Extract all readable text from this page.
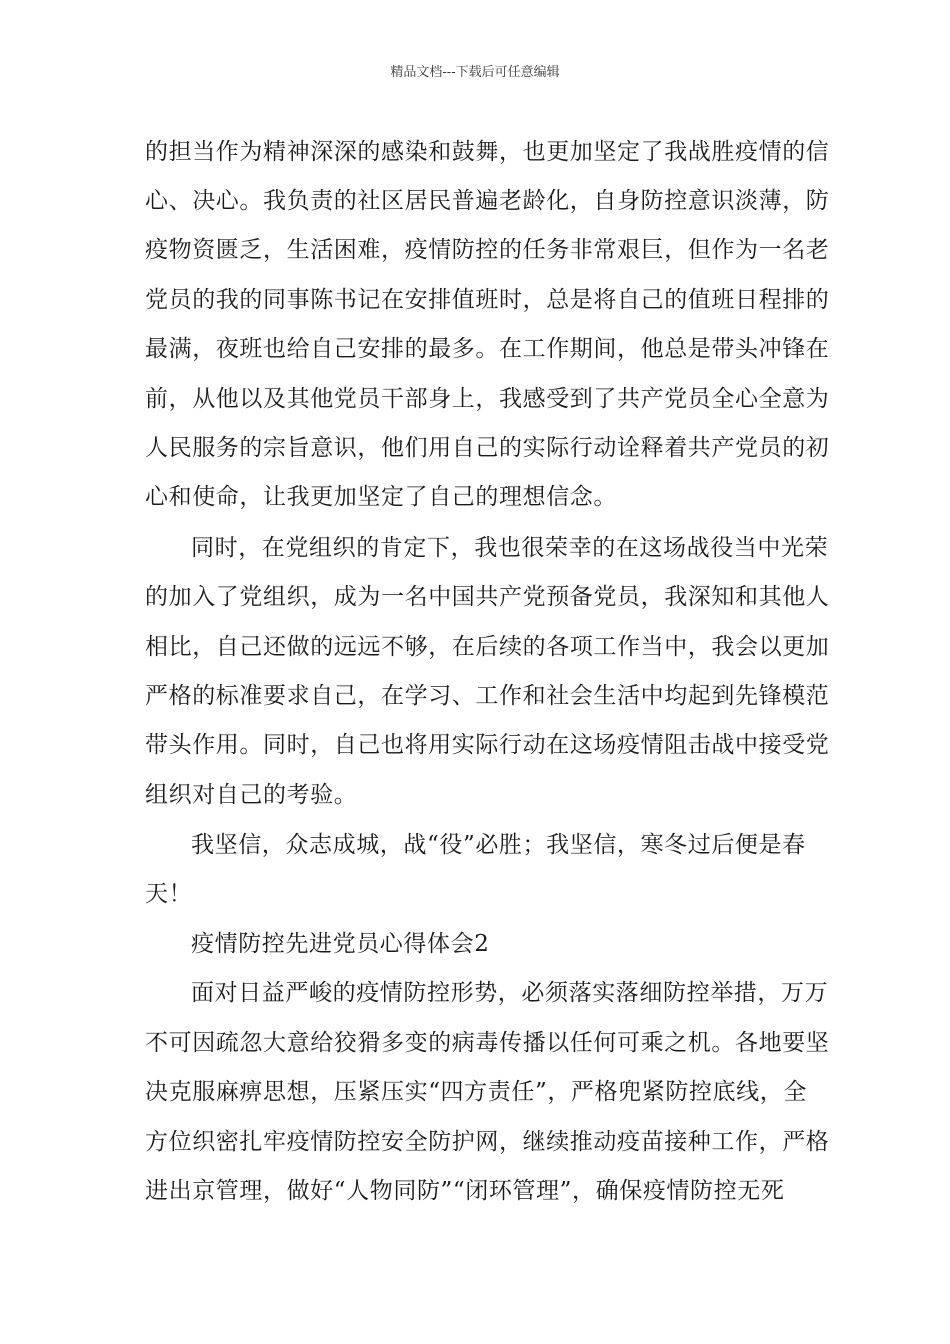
精品文档---下载后可任意编辑
的担当作为精神深深的感染和鼓舞，也更加坚定了我战胜疫情的信
心、决心。我负责的社区居民普遍老龄化，自身防控意识淡薄，防
疫物资匮乏，生活困难，疫情防控的任务非常艰巨，但作为一名老
党员的我的同事陈书记在安排值班时，总是将自己的值班日程排的
最满，夜班也给自己安排的最多。在工作期间，他总是带头冲锋在
前，从他以及其他党员干部身上，我感受到了共产党员全心全意为
人民服务的宗旨意识，他们用自己的实际行动诠释着共产党员的初
心和使命，让我更加坚定了自己的理想信念。
同时，在党组织的肯定下，我也很荣幸的在这场战役当中光荣
的加入了党组织，成为一名中国共产党预备党员，我深知和其他人
相比，自己还做的远远不够，在后续的各项工作当中，我会以更加
严格的标准要求自己，在学习、工作和社会生活中均起到先锋模范
带头作用。同时，自己也将用实际行动在这场疫情阻击战中接受党
组织对自己的考验。
我坚信，众志成城，战“役”必胜；我坚信，寒冬过后便是春
天！
疫情防控先进党员心得体会2
面对日益严峻的疫情防控形势，必须落实落细防控举措，万万
不可因疏忽大意给狡猾多变的病毒传播以任何可乘之机。各地要坚
决克服麻痹思想，压紧压实“四方责任”，严格兜紧防控底线，全
方位织密扎牢疫情防控安全防护网，继续推动疫苗接种工作，严格
进出京管理，做好“人物同防”“闭环管理”，确保疫情防控无死
